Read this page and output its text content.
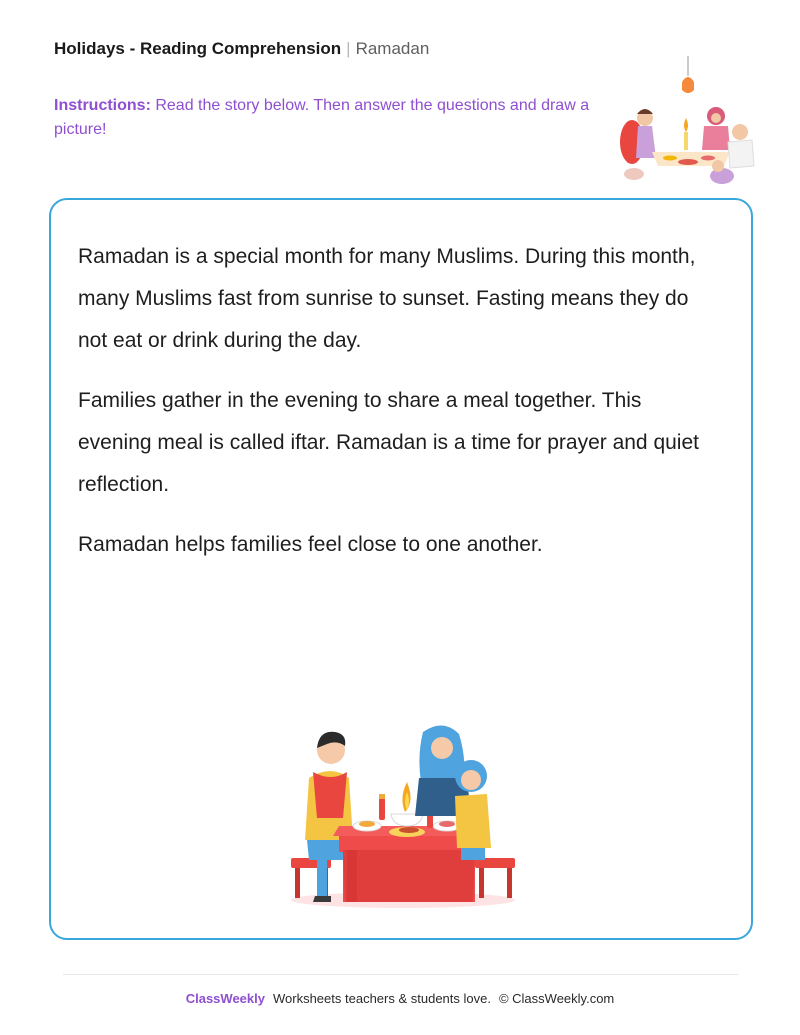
Holidays - Reading Comprehension | Ramadan
Instructions: Read the story below. Then answer the questions and draw a picture!

Ramadan is a special month for many Muslims. During this month, many Muslims fast from sunrise to sunset. Fasting means they do not eat or drink during the day.

Families gather in the evening to share a meal together. This evening meal is called iftar. Ramadan is a time for prayer and quiet reflection.

Ramadan helps families feel close to one another.

ClassWeekly Worksheets teachers & students love. © ClassWeekly.com
